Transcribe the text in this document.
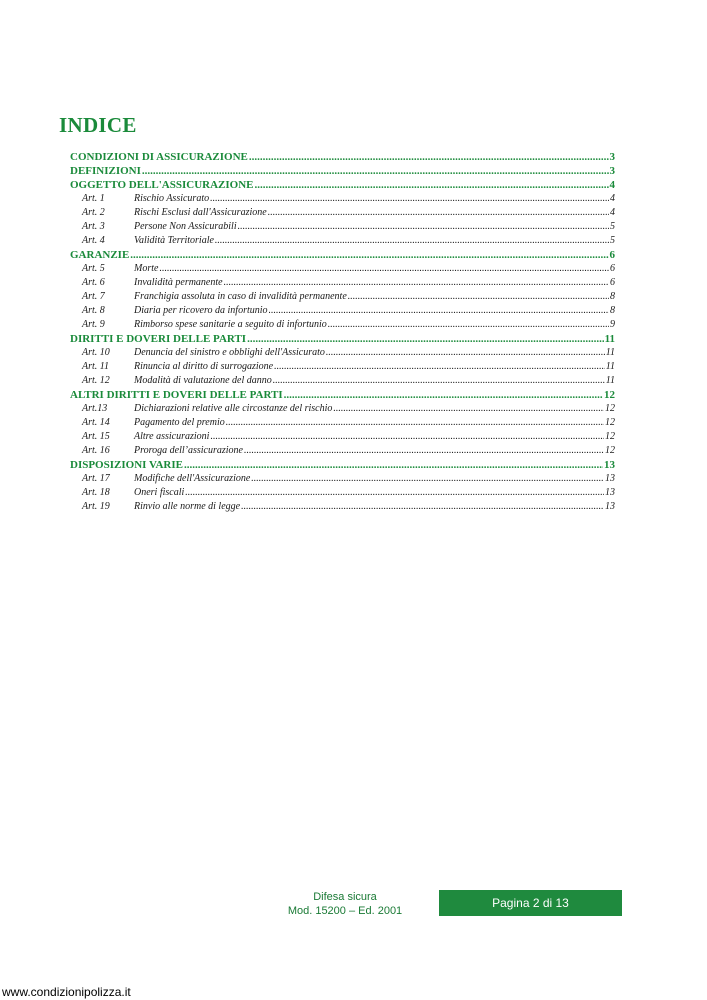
INDICE
CONDIZIONI DI ASSICURAZIONE .....	3
DEFINIZIONI .....	3
OGGETTO DELL'ASSICURAZIONE .....	4
Art. 1	Rischio Assicurato .....	4
Art. 2	Rischi Esclusi dall'Assicurazione .....	4
Art. 3	Persone Non Assicurabili .....	5
Art. 4	Validità Territoriale .....	5
GARANZIE .....	6
Art. 5	Morte .....	6
Art. 6	Invalidità permanente .....	6
Art. 7	Franchigia assoluta in caso di invalidità permanente .....	8
Art. 8	Diaria per ricovero da infortunio .....	8
Art. 9	Rimborso spese sanitarie a seguito di infortunio .....	9
DIRITTI E DOVERI DELLE PARTI .....	11
Art. 10	Denuncia del sinistro e obblighi dell'Assicurato .....	11
Art. 11	Rinuncia al diritto di surrogazione .....	11
Art. 12	Modalità di valutazione del danno .....	11
ALTRI DIRITTI E DOVERI DELLE PARTI .....	12
Art.13	Dichiarazioni relative alle circostanze del rischio .....	12
Art. 14	Pagamento del premio .....	12
Art. 15	Altre assicurazioni .....	12
Art. 16	Proroga dell’assicurazione .....	12
DISPOSIZIONI VARIE .....	13
Art. 17	Modifiche dell'Assicurazione .....	13
Art. 18	Oneri fiscali .....	13
Art. 19	Rinvio alle norme di legge .....	13
Difesa sicura
Mod. 15200 – Ed. 2001
Pagina 2 di 13
www.condizionipolizza.it
